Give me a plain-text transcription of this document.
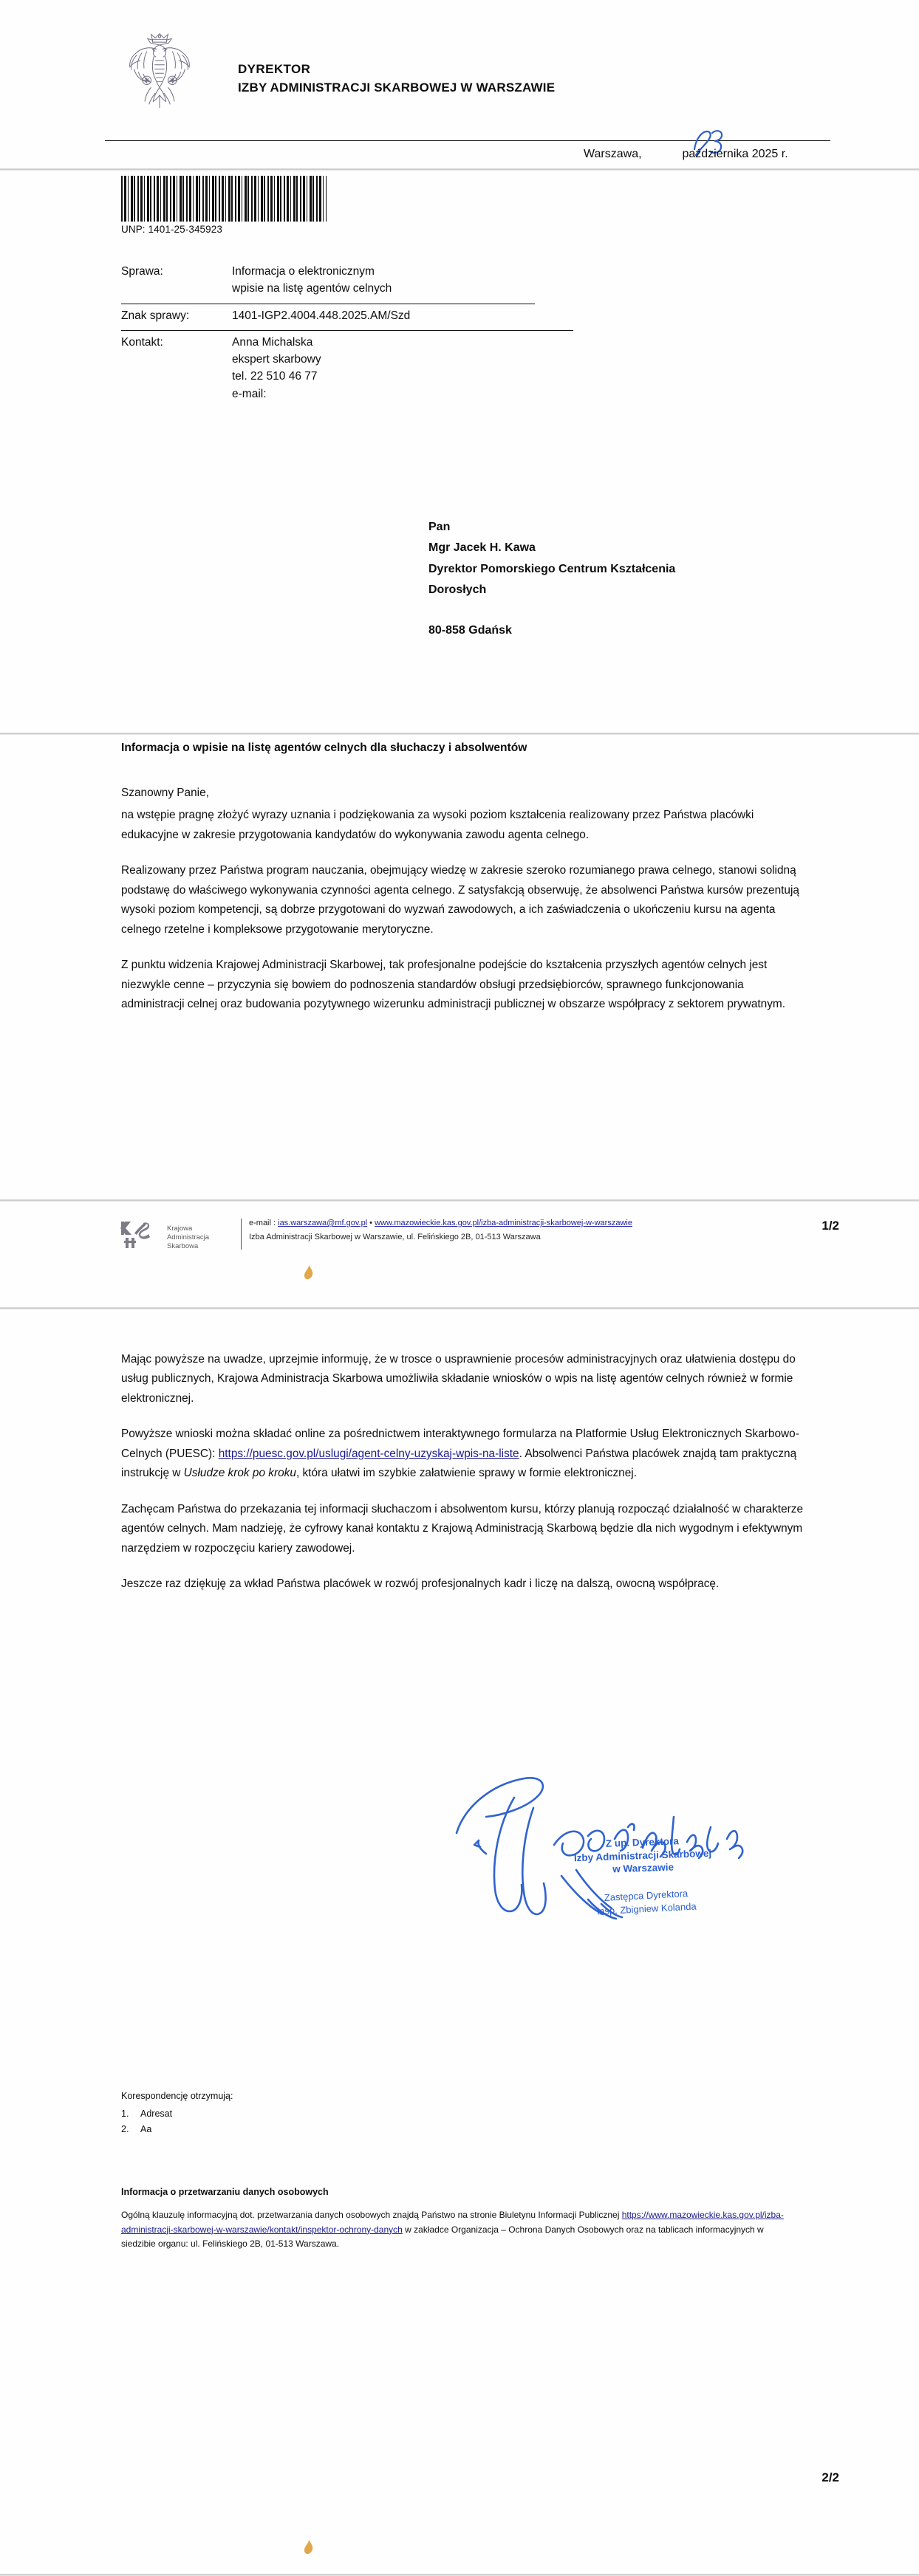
DYREKTOR
IZBY ADMINISTRACJI SKARBOWEJ W WARSZAWIE
Warszawa,	października 2025 r.
UNP: 1401-25-345923
Sprawa:	Informacja o elektronicznym
wpisie na listę agentów celnych
Znak sprawy:	1401-IGP2.4004.448.2025.AM/Szd
Kontakt:	Anna Michalska
ekspert skarbowy
tel. 22 510 46 77
e-mail:
Pan
Mgr Jacek H. Kawa
Dyrektor Pomorskiego Centrum Kształcenia
Dorosłych
80-858 Gdańsk
Informacja o wpisie na listę agentów celnych dla słuchaczy i absolwentów

Szanowny Panie,

na wstępie pragnę złożyć wyrazy uznania i podziękowania za wysoki poziom kształcenia realizowany przez Państwa placówki edukacyjne w zakresie przygotowania kandydatów do wykonywania zawodu agenta celnego.

Realizowany przez Państwa program nauczania, obejmujący wiedzę w zakresie szeroko rozumianego prawa celnego, stanowi solidną podstawę do właściwego wykonywania czynności agenta celnego. Z satysfakcją obserwuję, że absolwenci Państwa kursów prezentują wysoki poziom kompetencji, są dobrze przygotowani do wyzwań zawodowych, a ich zaświadczenia o ukończeniu kursu na agenta celnego rzetelne i kompleksowe przygotowanie merytoryczne.

Z punktu widzenia Krajowej Administracji Skarbowej, tak profesjonalne podejście do kształcenia przyszłych agentów celnych jest niezwykle cenne – przyczynia się bowiem do podnoszenia standardów obsługi przedsiębiorców, sprawnego funkcjonowania administracji celnej oraz budowania pozytywnego wizerunku administracji publicznej w obszarze współpracy z sektorem prywatnym.

Krajowa Administracja
Skarbowa
e-mail : ias.warszawa@mf.gov.pl • www.mazowieckie.kas.gov.pl/izba-administracji-skarbowej-w-warszawie
Izba Administracji Skarbowej w Warszawie, ul. Felińskiego 2B, 01-513 Warszawa
1/2

Mając powyższe na uwadze, uprzejmie informuję, że w trosce o usprawnienie procesów administracyjnych oraz ułatwienia dostępu do usług publicznych, Krajowa Administracja Skarbowa umożliwiła składanie wniosków o wpis na listę agentów celnych również w formie elektronicznej.

Powyższe wnioski można składać online za pośrednictwem interaktywnego formularza na Platformie Usług Elektronicznych Skarbowo-Celnych (PUESC): https://puesc.gov.pl/uslugi/agent-celny-uzyskaj-wpis-na-liste. Absolwenci Państwa placówek znajdą tam praktyczną instrukcję w Usłudze krok po kroku, która ułatwi im szybkie załatwienie sprawy w formie elektronicznej.

Zachęcam Państwa do przekazania tej informacji słuchaczom i absolwentom kursu, którzy planują rozpocząć działalność w charakterze agentów celnych. Mam nadzieję, że cyfrowy kanał kontaktu z Krajową Administracją Skarbową będzie dla nich wygodnym i efektywnym narzędziem w rozpoczęciu kariery zawodowej.

Jeszcze raz dziękuję za wkład Państwa placówek w rozwój profesjonalnych kadr i liczę na dalszą, owocną współpracę.

Z up. Dyrektora
Izby Administracji Skarbowej
w Warszawie
Zastępca Dyrektora
insp. Zbigniew Kolanda
Korespondencję otrzymują:
1. Adresat
2. Aa
Informacja o przetwarzaniu danych osobowych
Ogólną klauzulę informacyjną dot. przetwarzania danych osobowych znajdą Państwo na stronie Biuletynu Informacji Publicznej https://www.mazowieckie.kas.gov.pl/izba-administracji-skarbowej-w-warszawie/kontakt/inspektor-ochrony-danych w zakładce Organizacja – Ochrona Danych Osobowych oraz na tablicach informacyjnych w siedzibie organu: ul. Felińskiego 2B, 01-513 Warszawa.
2/2
